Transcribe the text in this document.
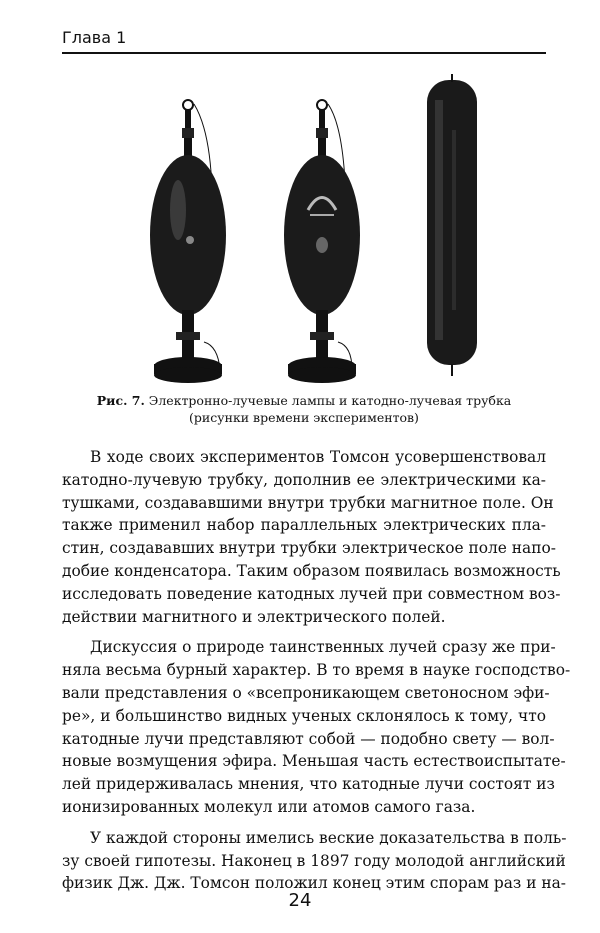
Глава 1
Рис. 7. Электронно-лучевые лампы и катодно-лучевая трубка
(рисунки времени экспериментов)
В ходе своих экспериментов Томсон усовершенствовал
катодно-лучевую трубку, дополнив ее электрическими ка-
тушками, создававшими внутри трубки магнитное поле. Он
также применил набор параллельных электрических пла-
стин, создававших внутри трубки электрическое поле напо-
добие конденсатора. Таким образом появилась возможность
исследовать поведение катодных лучей при совместном воз-
действии магнитного и электрического полей.
Дискуссия о природе таинственных лучей сразу же при-
няла весьма бурный характер. В то время в науке господство-
вали представления о «всепроникающем светоносном эфи-
ре», и большинство видных ученых склонялось к тому, что
катодные лучи представляют собой — подобно свету — вол-
новые возмущения эфира. Меньшая часть естествоиспытате-
лей придерживалась мнения, что катодные лучи состоят из
ионизированных молекул или атомов самого газа.
У каждой стороны имелись веские доказательства в поль-
зу своей гипотезы. Наконец в 1897 году молодой английский
физик Дж. Дж. Томсон положил конец этим спорам раз и на-
24
